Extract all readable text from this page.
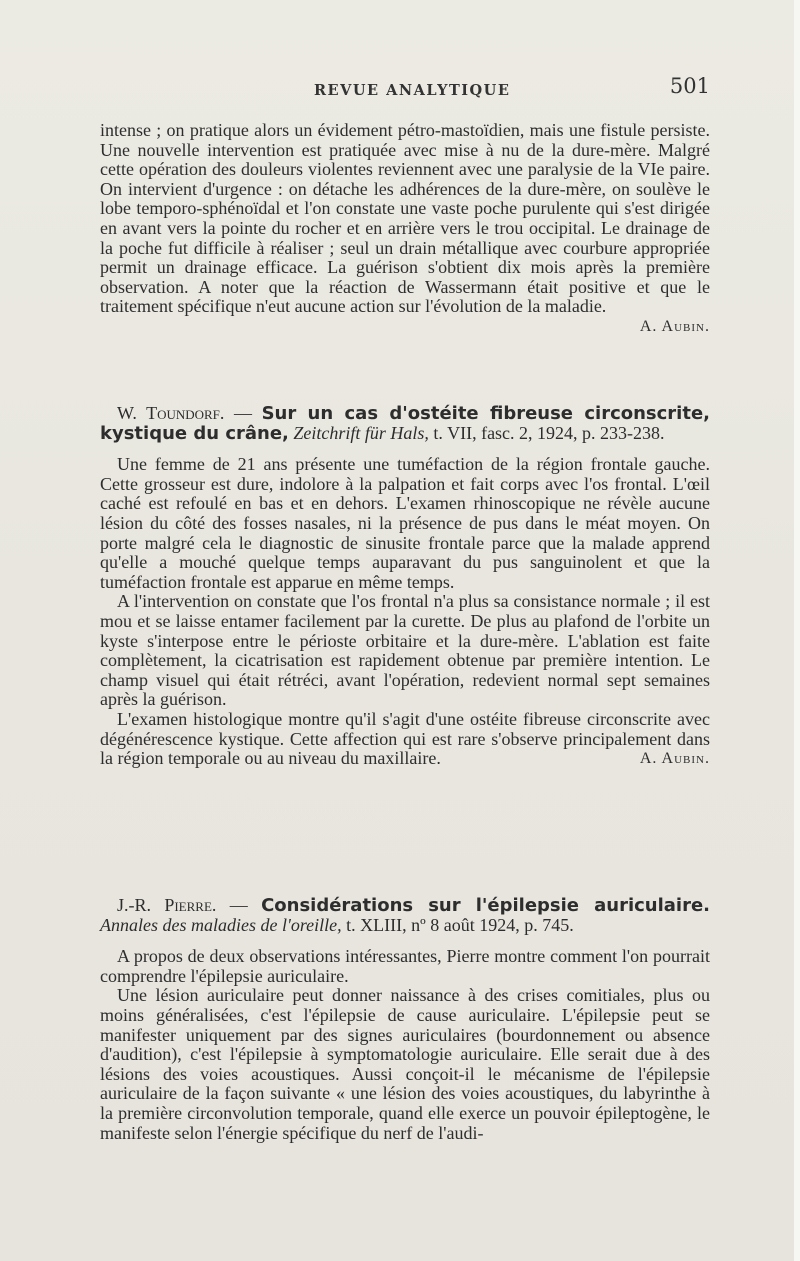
REVUE ANALYTIQUE	501

intense ; on pratique alors un évidement pétro-mastoïdien, mais une fistule persiste. Une nouvelle intervention est pratiquée avec mise à nu de la dure-mère. Malgré cette opération des douleurs violentes reviennent avec une paralysie de la VIe paire. On intervient d'urgence : on détache les adhérences de la dure-mère, on soulève le lobe temporo-sphénoïdal et l'on constate une vaste poche purulente qui s'est dirigée en avant vers la pointe du rocher et en arrière vers le trou occipital. Le drainage de la poche fut difficile à réaliser ; seul un drain métallique avec courbure appropriée permit un drainage efficace. La guérison s'obtient dix mois après la première observation. A noter que la réaction de Wassermann était positive et que le traitement spécifique n'eut aucune action sur l'évolution de la maladie.

A. Aubin.

W. Toundorf. — Sur un cas d'ostéite fibreuse circonscrite, kystique du crâne, Zeitchrift für Hals, t. VII, fasc. 2, 1924, p. 233-238.

Une femme de 21 ans présente une tuméfaction de la région frontale gauche. Cette grosseur est dure, indolore à la palpation et fait corps avec l'os frontal. L'œil caché est refoulé en bas et en dehors. L'examen rhinoscopique ne révèle aucune lésion du côté des fosses nasales, ni la présence de pus dans le méat moyen. On porte malgré cela le diagnostic de sinusite frontale parce que la malade apprend qu'elle a mouché quelque temps auparavant du pus sanguinolent et que la tuméfaction frontale est apparue en même temps.

A l'intervention on constate que l'os frontal n'a plus sa consistance normale ; il est mou et se laisse entamer facilement par la curette. De plus au plafond de l'orbite un kyste s'interpose entre le périoste orbitaire et la dure-mère. L'ablation est faite complètement, la cicatrisation est rapidement obtenue par première intention. Le champ visuel qui était rétréci, avant l'opération, redevient normal sept semaines après la guérison.

L'examen histologique montre qu'il s'agit d'une ostéite fibreuse circonscrite avec dégénérescence kystique. Cette affection qui est rare s'observe principalement dans la région temporale ou au niveau du maxillaire.	A. Aubin.

J.-R. Pierre. — Considérations sur l'épilepsie auriculaire. Annales des maladies de l'oreille, t. XLIII, nº 8 août 1924, p. 745.

A propos de deux observations intéressantes, Pierre montre comment l'on pourrait comprendre l'épilepsie auriculaire.

Une lésion auriculaire peut donner naissance à des crises comitiales, plus ou moins généralisées, c'est l'épilepsie de cause auriculaire. L'épilepsie peut se manifester uniquement par des signes auriculaires (bourdonnement ou absence d'audition), c'est l'épilepsie à symptomatologie auriculaire. Elle serait due à des lésions des voies acoustiques. Aussi conçoit-il le mécanisme de l'épilepsie auriculaire de la façon suivante « une lésion des voies acoustiques, du labyrinthe à la première circonvolution temporale, quand elle exerce un pouvoir épileptogène, le manifeste selon l'énergie spécifique du nerf de l'audi-
